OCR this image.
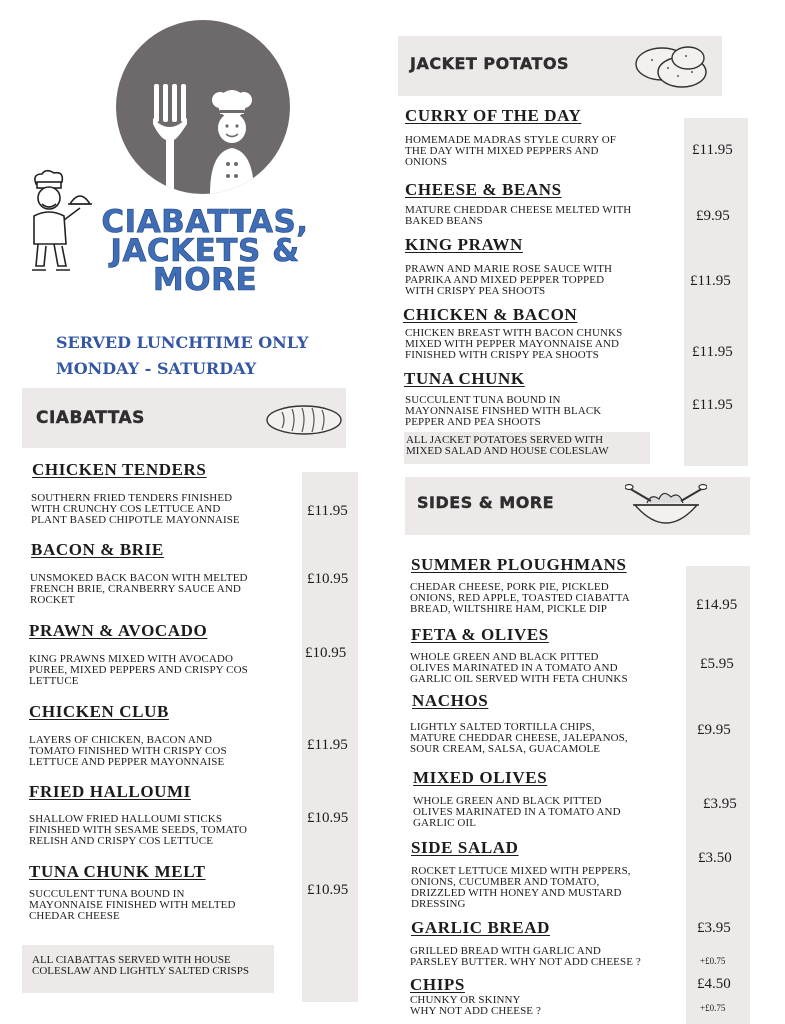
CIABATTAS,
JACKETS &
MORE
SERVED LUNCHTIME ONLY
MONDAY - SATURDAY
CIABATTAS
CHICKEN TENDERS
SOUTHERN FRIED TENDERS FINISHED
WITH CRUNCHY COS LETTUCE AND
PLANT BASED CHIPOTLE MAYONNAISE
£11.95
BACON & BRIE
UNSMOKED BACK BACON WITH MELTED
FRENCH BRIE, CRANBERRY SAUCE AND
ROCKET
£10.95
PRAWN & AVOCADO
KING PRAWNS MIXED WITH AVOCADO
PUREE, MIXED PEPPERS AND CRISPY COS
LETTUCE
£10.95
CHICKEN CLUB
LAYERS OF CHICKEN, BACON AND
TOMATO FINISHED WITH CRISPY COS
LETTUCE AND PEPPER MAYONNAISE
£11.95
FRIED HALLOUMI
SHALLOW FRIED HALLOUMI STICKS
FINISHED WITH SESAME SEEDS, TOMATO
RELISH AND CRISPY COS LETTUCE
£10.95
TUNA CHUNK MELT
SUCCULENT TUNA BOUND IN
MAYONNAISE FINISHED WITH MELTED
CHEDAR CHEESE
£10.95
ALL CIABATTAS SERVED WITH HOUSE
COLESLAW AND LIGHTLY SALTED CRISPS
JACKET POTATOS
CURRY OF THE DAY
HOMEMADE MADRAS STYLE CURRY OF
THE DAY WITH MIXED PEPPERS AND
ONIONS
£11.95
CHEESE & BEANS
MATURE CHEDDAR CHEESE MELTED WITH
BAKED BEANS	£9.95
KING PRAWN
PRAWN AND MARIE ROSE SAUCE WITH
PAPRIKA AND MIXED PEPPER TOPPED
WITH CRISPY PEA SHOOTS
£11.95
CHICKEN & BACON
CHICKEN BREAST WITH BACON CHUNKS
MIXED WITH PEPPER MAYONNAISE AND
FINISHED WITH CRISPY PEA SHOOTS	£11.95
TUNA CHUNK
SUCCULENT TUNA BOUND IN
MAYONNAISE FINSHED WITH BLACK
PEPPER AND PEA SHOOTS
£11.95
ALL JACKET POTATOES SERVED WITH
MIXED SALAD AND HOUSE COLESLAW
SIDES & MORE
SUMMER PLOUGHMANS
CHEDAR CHEESE, PORK PIE, PICKLED
ONIONS, RED APPLE, TOASTED CIABATTA
BREAD, WILTSHIRE HAM, PICKLE DIP	£14.95
FETA & OLIVES
WHOLE GREEN AND BLACK PITTED
OLIVES MARINATED IN A TOMATO AND
GARLIC OIL SERVED WITH FETA CHUNKS
£5.95
NACHOS
LIGHTLY SALTED TORTILLA CHIPS,
MATURE CHEDDAR CHEESE, JALEPANOS,
SOUR CREAM, SALSA, GUACAMOLE
£9.95
MIXED OLIVES
WHOLE GREEN AND BLACK PITTED
OLIVES MARINATED IN A TOMATO AND
GARLIC OIL
£3.95
SIDE SALAD
ROCKET LETTUCE MIXED WITH PEPPERS,
ONIONS, CUCUMBER AND TOMATO,
DRIZZLED WITH HONEY AND MUSTARD
DRESSING
£3.50
GARLIC BREAD
GRILLED BREAD WITH GARLIC AND
PARSLEY BUTTER. WHY NOT ADD CHEESE ?
£3.95
+£0.75
CHIPS
CHUNKY OR SKINNY
WHY NOT ADD CHEESE ?
£4.50
+£0.75
